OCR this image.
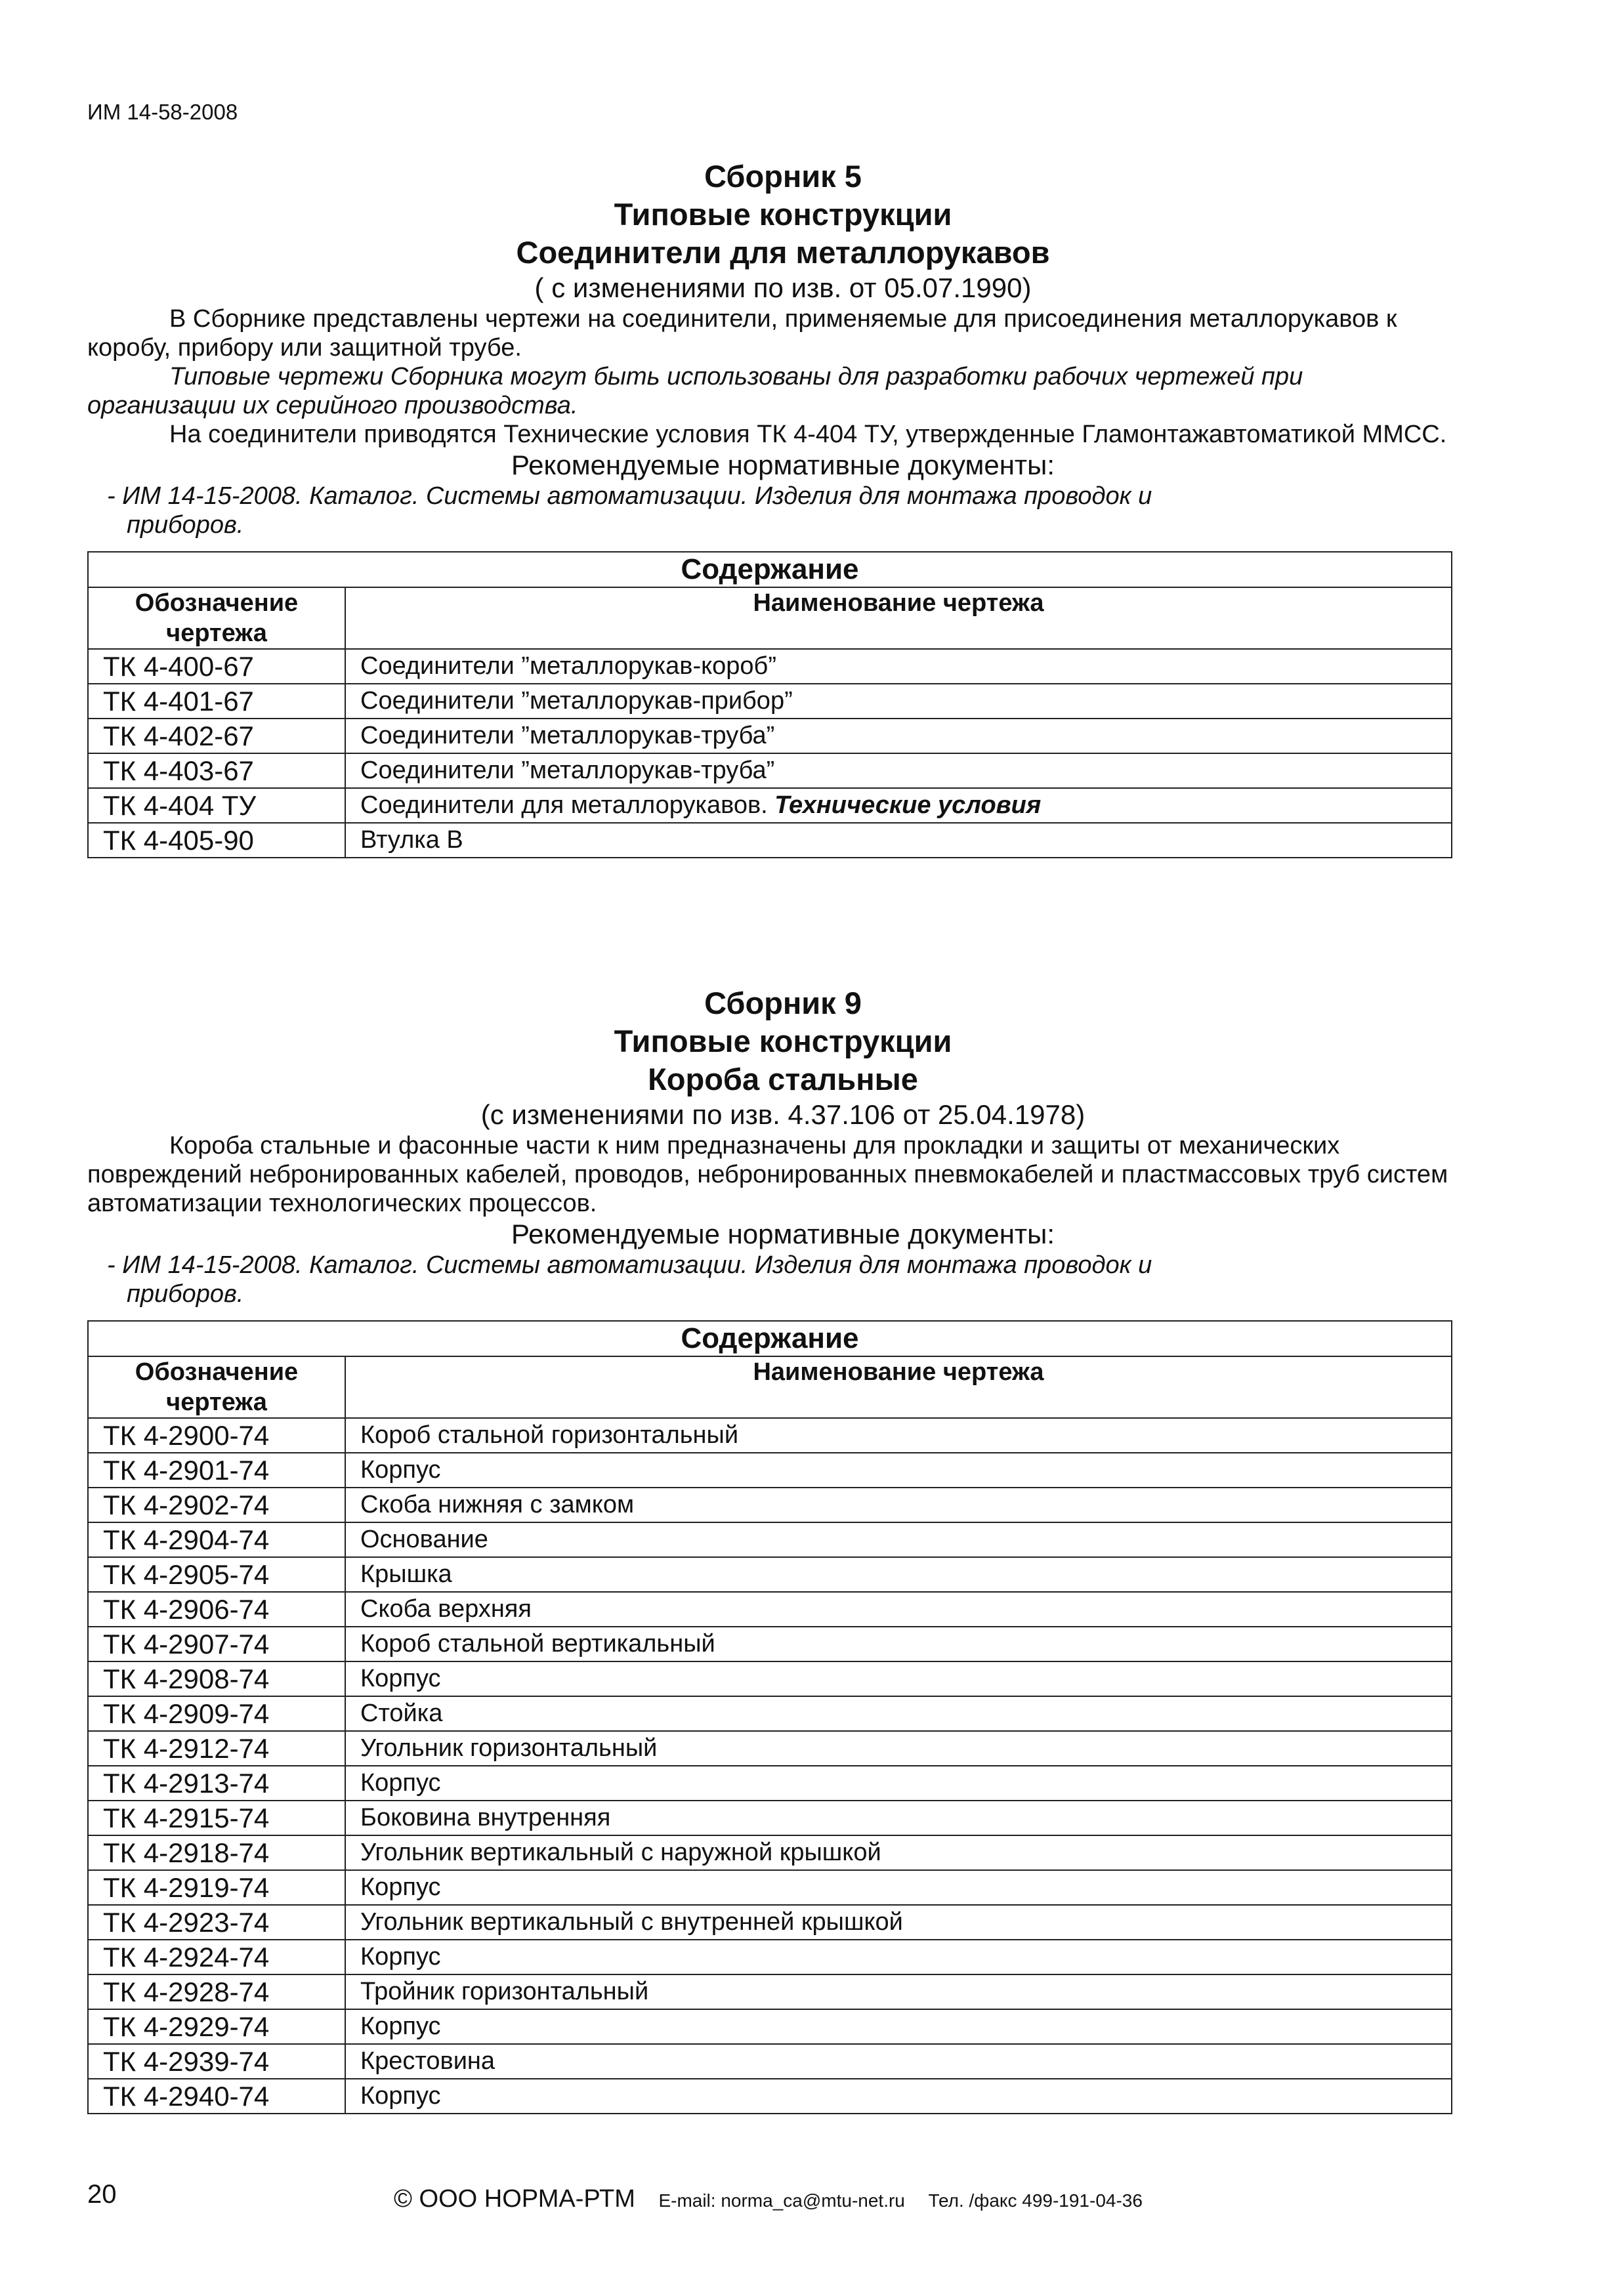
ИМ 14-58-2008
Сборник 5
Типовые конструкции
Соединители для металлорукавов
( с изменениями по изв. от 05.07.1990)

В Сборнике представлены чертежи на соединители, применяемые для присоединения металлорукавов к коробу, прибору или защитной трубе.

Типовые чертежи Сборника могут быть использованы для разработки рабочих чертежей при организации их серийного производства.

На соединители приводятся Технические условия ТК 4-404 ТУ, утвержденные Гламонтажавтоматикой ММСС.

Рекомендуемые нормативные документы:
- ИМ 14-15-2008. Каталог. Системы автоматизации. Изделия для монтажа проводок и
приборов.
Содержание	
Обозначение чертежа	Наименование чертежа
ТК 4-400-67	Соединители ”металлорукав-короб”
ТК 4-401-67	Соединители ”металлорукав-прибор”
ТК 4-402-67	Соединители ”металлорукав-труба”
ТК 4-403-67	Соединители ”металлорукав-труба”
ТК 4-404 ТУ	Соединители для металлорукавов. Технические условия
ТК 4-405-90	Втулка В
Сборник 9
Типовые конструкции
Короба стальные
(с изменениями по изв. 4.37.106 от 25.04.1978)

Короба стальные и фасонные части к ним предназначены для прокладки и защиты от механических повреждений небронированных кабелей, проводов, небронированных пневмокабелей и пластмассовых труб систем автоматизации технологических процессов.

Рекомендуемые нормативные документы:
- ИМ 14-15-2008. Каталог. Системы автоматизации. Изделия для монтажа проводок и
приборов.
Содержание	
Обозначение чертежа	Наименование чертежа
ТК 4-2900-74	Короб стальной горизонтальный
ТК 4-2901-74	Корпус
ТК 4-2902-74	Скоба нижняя с замком
ТК 4-2904-74	Основание
ТК 4-2905-74	Крышка
ТК 4-2906-74	Скоба верхняя
ТК 4-2907-74	Короб стальной вертикальный
ТК 4-2908-74	Корпус
ТК 4-2909-74	Стойка
ТК 4-2912-74	Угольник горизонтальный
ТК 4-2913-74	Корпус
ТК 4-2915-74	Боковина внутренняя
ТК 4-2918-74	Угольник вертикальный с наружной крышкой
ТК 4-2919-74	Корпус
ТК 4-2923-74	Угольник вертикальный с внутренней крышкой
ТК 4-2924-74	Корпус
ТК 4-2928-74	Тройник горизонтальный
ТК 4-2929-74	Корпус
ТК 4-2939-74	Крестовина
ТК 4-2940-74	Корпус
20	© ООО НОРМА-РТМ E-mail: norma_ca@mtu-net.ru Тел. /факс 499-191-04-36
